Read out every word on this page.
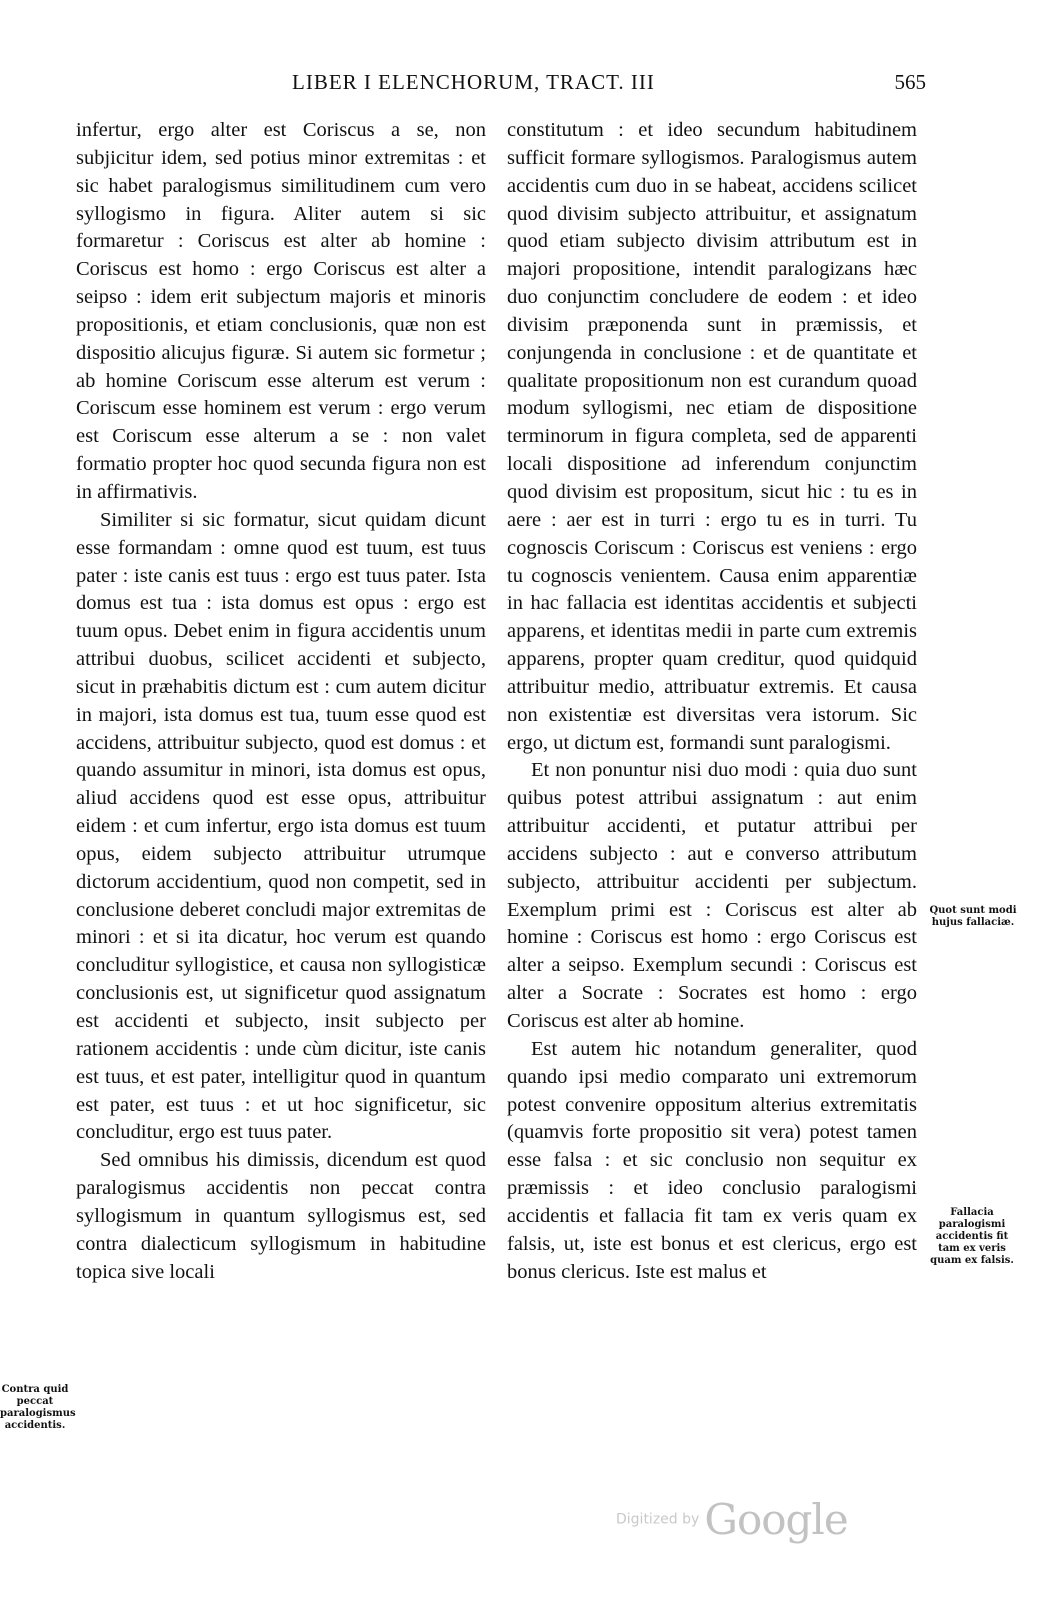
LIBER I ELENCHORUM, TRACT. III	565

infertur, ergo alter est Coriscus a se, non subjicitur idem, sed potius minor extremitas : et sic habet paralogismus similitudinem cum vero syllogismo in figura. Aliter autem si sic formaretur : Coriscus est alter ab homine : Coriscus est homo : ergo Coriscus est alter a seipso : idem erit subjectum majoris et minoris propositionis, et etiam conclusionis, quæ non est dispositio alicujus figuræ. Si autem sic formetur ; ab homine Coriscum esse alterum est verum : Coriscum esse hominem est verum : ergo verum est Coriscum esse alterum a se : non valet formatio propter hoc quod secunda figura non est in affirmativis.

Similiter si sic formatur, sicut quidam dicunt esse formandam : omne quod est tuum, est tuus pater : iste canis est tuus : ergo est tuus pater. Ista domus est tua : ista domus est opus : ergo est tuum opus. Debet enim in figura accidentis unum attribui duobus, scilicet accidenti et subjecto, sicut in præhabitis dictum est : cum autem dicitur in majori, ista domus est tua, tuum esse quod est accidens, attribuitur subjecto, quod est domus : et quando assumitur in minori, ista domus est opus, aliud accidens quod est esse opus, attribuitur eidem : et cum infertur, ergo ista domus est tuum opus, eidem subjecto attribuitur utrumque dictorum accidentium, quod non competit, sed in conclusione deberet concludi major extremitas de minori : et si ita dicatur, hoc verum est quando concluditur syllogistice, et causa non syllogisticæ conclusionis est, ut significetur quod assignatum est accidenti et subjecto, insit subjecto per rationem accidentis : unde cùm dicitur, iste canis est tuus, et est pater, intelligitur quod in quantum est pater, est tuus : et ut hoc significetur, sic concluditur, ergo est tuus pater.

Sed omnibus his dimissis, dicendum est quod paralogismus accidentis non peccat contra syllogismum in quantum syllogismus est, sed contra dialecticum syllogismum in habitudine topica sive locali

constitutum : et ideo secundum habitudinem sufficit formare syllogismos. Paralogismus autem accidentis cum duo in se habeat, accidens scilicet quod divisim subjecto attribuitur, et assignatum quod etiam subjecto divisim attributum est in majori propositione, intendit paralogizans hæc duo conjunctim concludere de eodem : et ideo divisim præponenda sunt in præmissis, et conjungenda in conclusione : et de quantitate et qualitate propositionum non est curandum quoad modum syllogismi, nec etiam de dispositione terminorum in figura completa, sed de apparenti locali dispositione ad inferendum conjunctim quod divisim est propositum, sicut hic : tu es in aere : aer est in turri : ergo tu es in turri. Tu cognoscis Coriscum : Coriscus est veniens : ergo tu cognoscis venientem. Causa enim apparentiæ in hac fallacia est identitas accidentis et subjecti apparens, et identitas medii in parte cum extremis apparens, propter quam creditur, quod quidquid attribuitur medio, attribuatur extremis. Et causa non existentiæ est diversitas vera istorum. Sic ergo, ut dictum est, formandi sunt paralogismi.

Et non ponuntur nisi duo modi : quia duo sunt quibus potest attribui assignatum : aut enim attribuitur accidenti, et putatur attribui per accidens subjecto : aut e converso attributum subjecto, attribuitur accidenti per subjectum. Exemplum primi est : Coriscus est alter ab homine : Coriscus est homo : ergo Coriscus est alter a seipso. Exemplum secundi : Coriscus est alter a Socrate : Socrates est homo : ergo Coriscus est alter ab homine.

Est autem hic notandum generaliter, quod quando ipsi medio comparato uni extremorum potest convenire oppositum alterius extremitatis (quamvis forte propositio sit vera) potest tamen esse falsa : et sic conclusio non sequitur ex præmissis : et ideo conclusio paralogismi accidentis et fallacia fit tam ex veris quam ex falsis, ut, iste est bonus et est clericus, ergo est bonus clericus. Iste est malus et

Contra quid peccat paralogismus accidentis.
Quot sunt modi hujus fallaciæ.
Fallacia paralogismi accidentis fit tam ex veris quam ex falsis.
Digitized by Google
